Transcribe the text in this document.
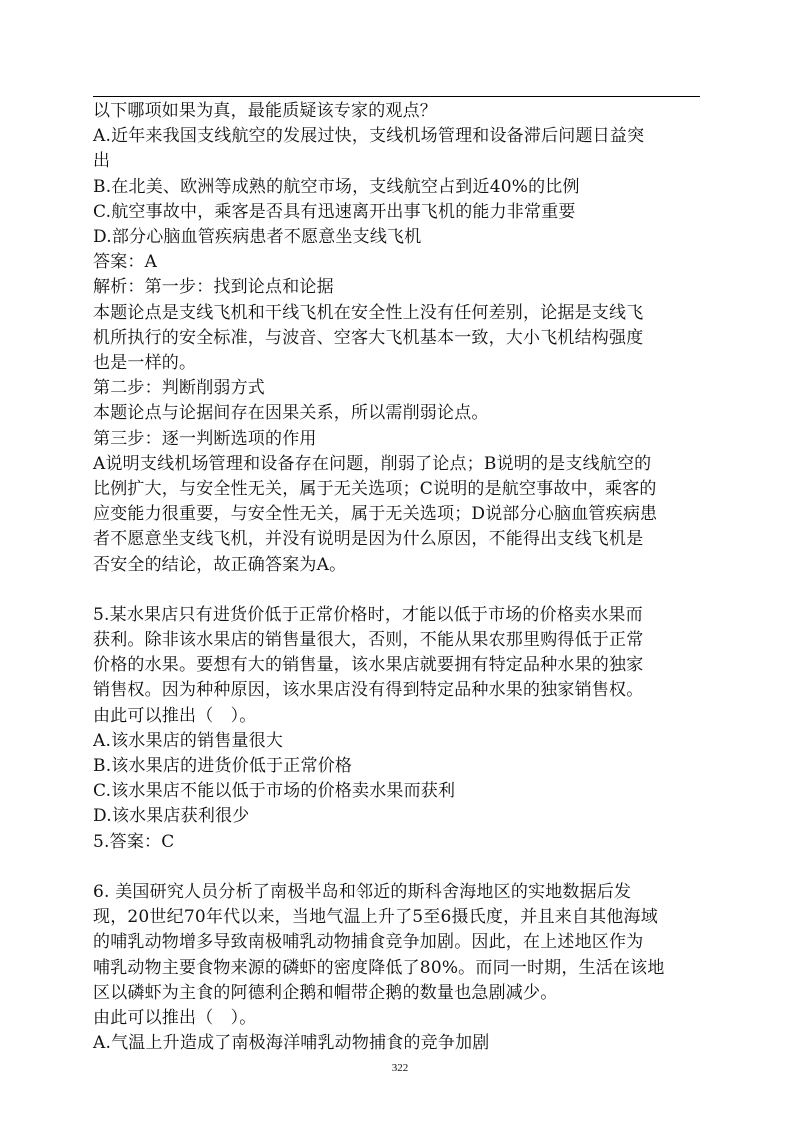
以下哪项如果为真，最能质疑该专家的观点？
A.近年来我国支线航空的发展过快，支线机场管理和设备滞后问题日益突
出
B.在北美、欧洲等成熟的航空市场，支线航空占到近40%的比例
C.航空事故中，乘客是否具有迅速离开出事飞机的能力非常重要
D.部分心脑血管疾病患者不愿意坐支线飞机
答案：A
解析：第一步：找到论点和论据
本题论点是支线飞机和干线飞机在安全性上没有任何差别，论据是支线飞
机所执行的安全标准，与波音、空客大飞机基本一致，大小飞机结构强度
也是一样的。
第二步：判断削弱方式
本题论点与论据间存在因果关系，所以需削弱论点。
第三步：逐一判断选项的作用
A说明支线机场管理和设备存在问题，削弱了论点；B说明的是支线航空的
比例扩大，与安全性无关，属于无关选项；C说明的是航空事故中，乘客的
应变能力很重要，与安全性无关，属于无关选项；D说部分心脑血管疾病患
者不愿意坐支线飞机，并没有说明是因为什么原因，不能得出支线飞机是
否安全的结论，故正确答案为A。
5.某水果店只有进货价低于正常价格时，才能以低于市场的价格卖水果而
获利。除非该水果店的销售量很大，否则，不能从果农那里购得低于正常
价格的水果。要想有大的销售量，该水果店就要拥有特定品种水果的独家
销售权。因为种种原因，该水果店没有得到特定品种水果的独家销售权。
由此可以推出（　）。
A.该水果店的销售量很大
B.该水果店的进货价低于正常价格
C.该水果店不能以低于市场的价格卖水果而获利
D.该水果店获利很少
5.答案：C
6. 美国研究人员分析了南极半岛和邻近的斯科舍海地区的实地数据后发
现，20世纪70年代以来，当地气温上升了5至6摄氏度，并且来自其他海域
的哺乳动物增多导致南极哺乳动物捕食竞争加剧。因此，在上述地区作为
哺乳动物主要食物来源的磷虾的密度降低了80%。而同一时期，生活在该地
区以磷虾为主食的阿德利企鹅和帽带企鹅的数量也急剧减少。
由此可以推出（　）。
A.气温上升造成了南极海洋哺乳动物捕食的竞争加剧
322
